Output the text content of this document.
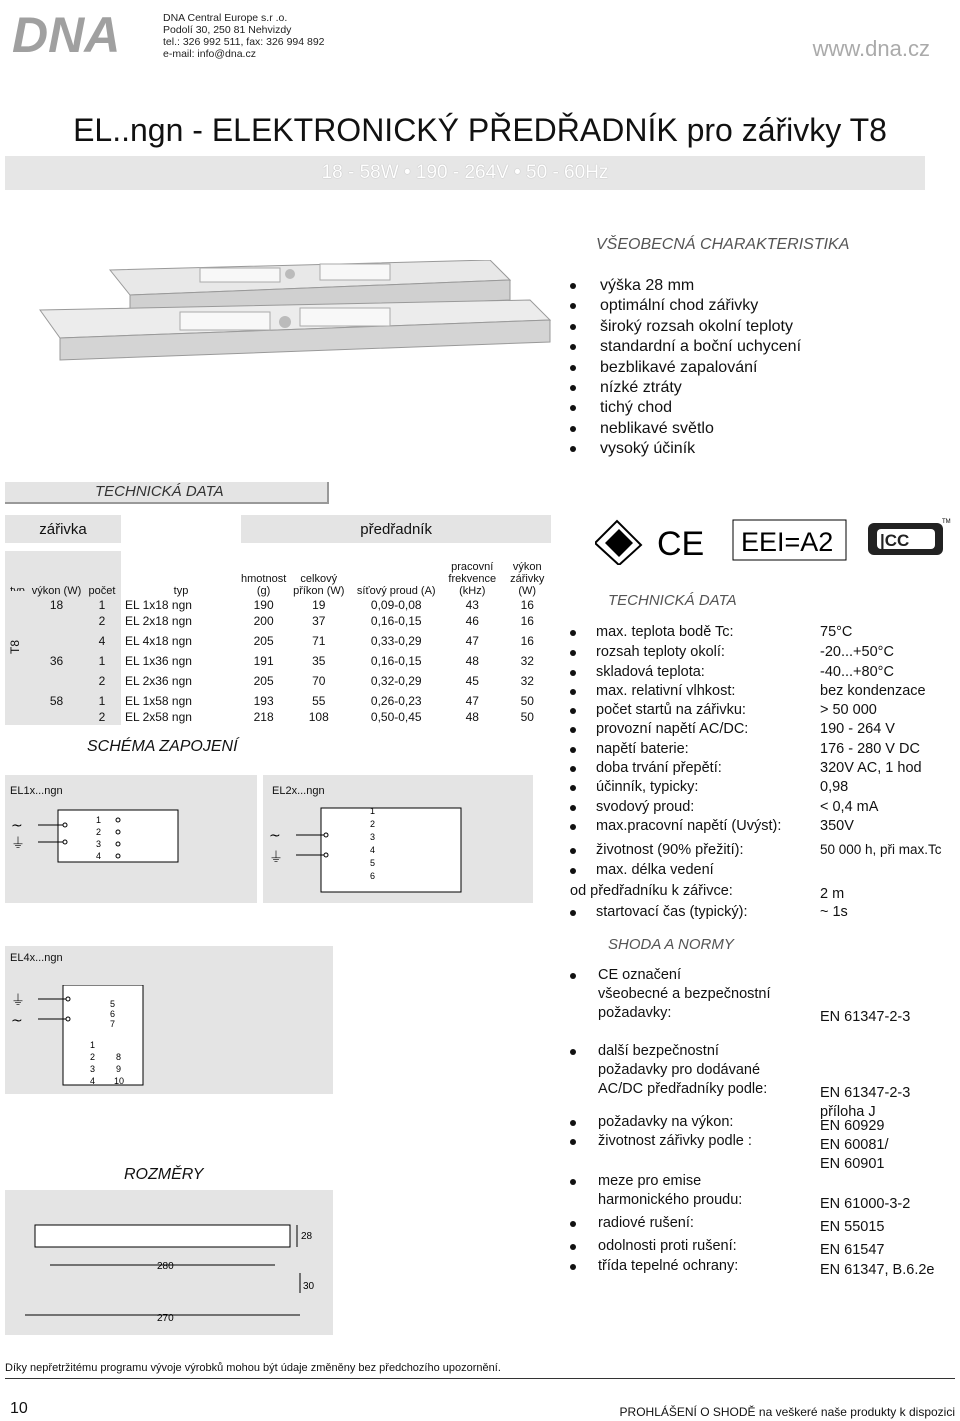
DNA	DNA Central Europe s.r .o.
Podolí 30, 250 81 Nehvizdy
tel.: 326 992 511, fax: 326 994 892
e-mail: info@dna.cz	www.dna.cz
EL..ngn - ELEKTRONICKÝ PŘEDŘADNÍK pro zářivky T8
18 - 58W • 190 - 264V • 50 - 60Hz
VŠEOBECNÁ CHARAKTERISTIKA
výška 28 mm
optimální chod zářivky
široký rozsah okolní teploty
standardní a boční uchycení
bezblikavé zapalování
nízké ztráty
tichý chod
neblikavé světlo
vysoký účiník
TECHNICKÁ DATA
zářivka				předřadník				

	výkon (W)	počet	typ	hmotnost (g)	celkový příkon (W)	síťový proud (A)	pracovní frekvence (kHz)	výkon zářivky (W)
	18	1	EL 1x18 ngn	190	19	0,09-0,08	43	16
		2	EL 2x18 ngn	200	37	0,16-0,15	46	16
		4	EL 4x18 ngn	205	71	0,33-0,29	47	16
	36	1	EL 1x36 ngn	191	35	0,16-0,15	48	32
		2	EL 2x36 ngn	205	70	0,32-0,29	45	32
	58	1	EL 1x58 ngn	193	55	0,26-0,23	47	50
		2	EL 2x58 ngn	218	108	0,50-0,45	48	50
T8
SCHÉMA ZAPOJENÍ
EL1x...ngn	EL2x...ngn
~
⏚
1
2
3
4
~
⏚
1
2
3
4
5
6
EL4x...ngn
⏚
~
5
6
7
1
2
3
4
8
9
10
ROZMĚRY
280
270
28
30
CE EEI=A2	|CC
TM
TECHNICKÁ DATA
max. teplota bodě Tc:	75°C
rozsah teploty okolí:	-20...+50°C
skladová teplota:	-40...+80°C
max. relativní vlhkost:	bez kondenzace
počet startů na zářivku:	> 50 000
provozní napětí AC/DC:	190 - 264 V
napětí baterie:	176 - 280 V DC
doba trvání přepětí:	320V AC, 1 hod
účinník, typicky:	0,98
svodový proud:	< 0,4 mA
max.pracovní napětí (Uvýst):	350V
životnost (90% přežití):	50 000 h, při max.Tc
max. délka vedení
od předřadníku k zářivce:	2 m
startovací čas (typický):	~ 1s
SHODA A NORMY
CE označení
všeobecné a bezpečnostní
požadavky:	EN 61347-2-3
další bezpečnostní
požadavky pro dodávané
AC/DC předřadníky podle:	EN 61347-2-3
příloha J
požadavky na výkon:	EN 60929
životnost zářivky podle :	EN 60081/
EN 60901
meze pro emise
harmonického proudu:	EN 61000-3-2
radiové rušení:	EN 55015
odolnosti proti rušení:	EN 61547
třída tepelné ochrany:	EN 61347, B.6.2e
Díky nepřetržitému programu vývoje výrobků mohou být údaje změněny bez předchozího upozornění.
10	PROHLÁŠENÍ O SHODĚ na veškeré naše produkty k dispozici
